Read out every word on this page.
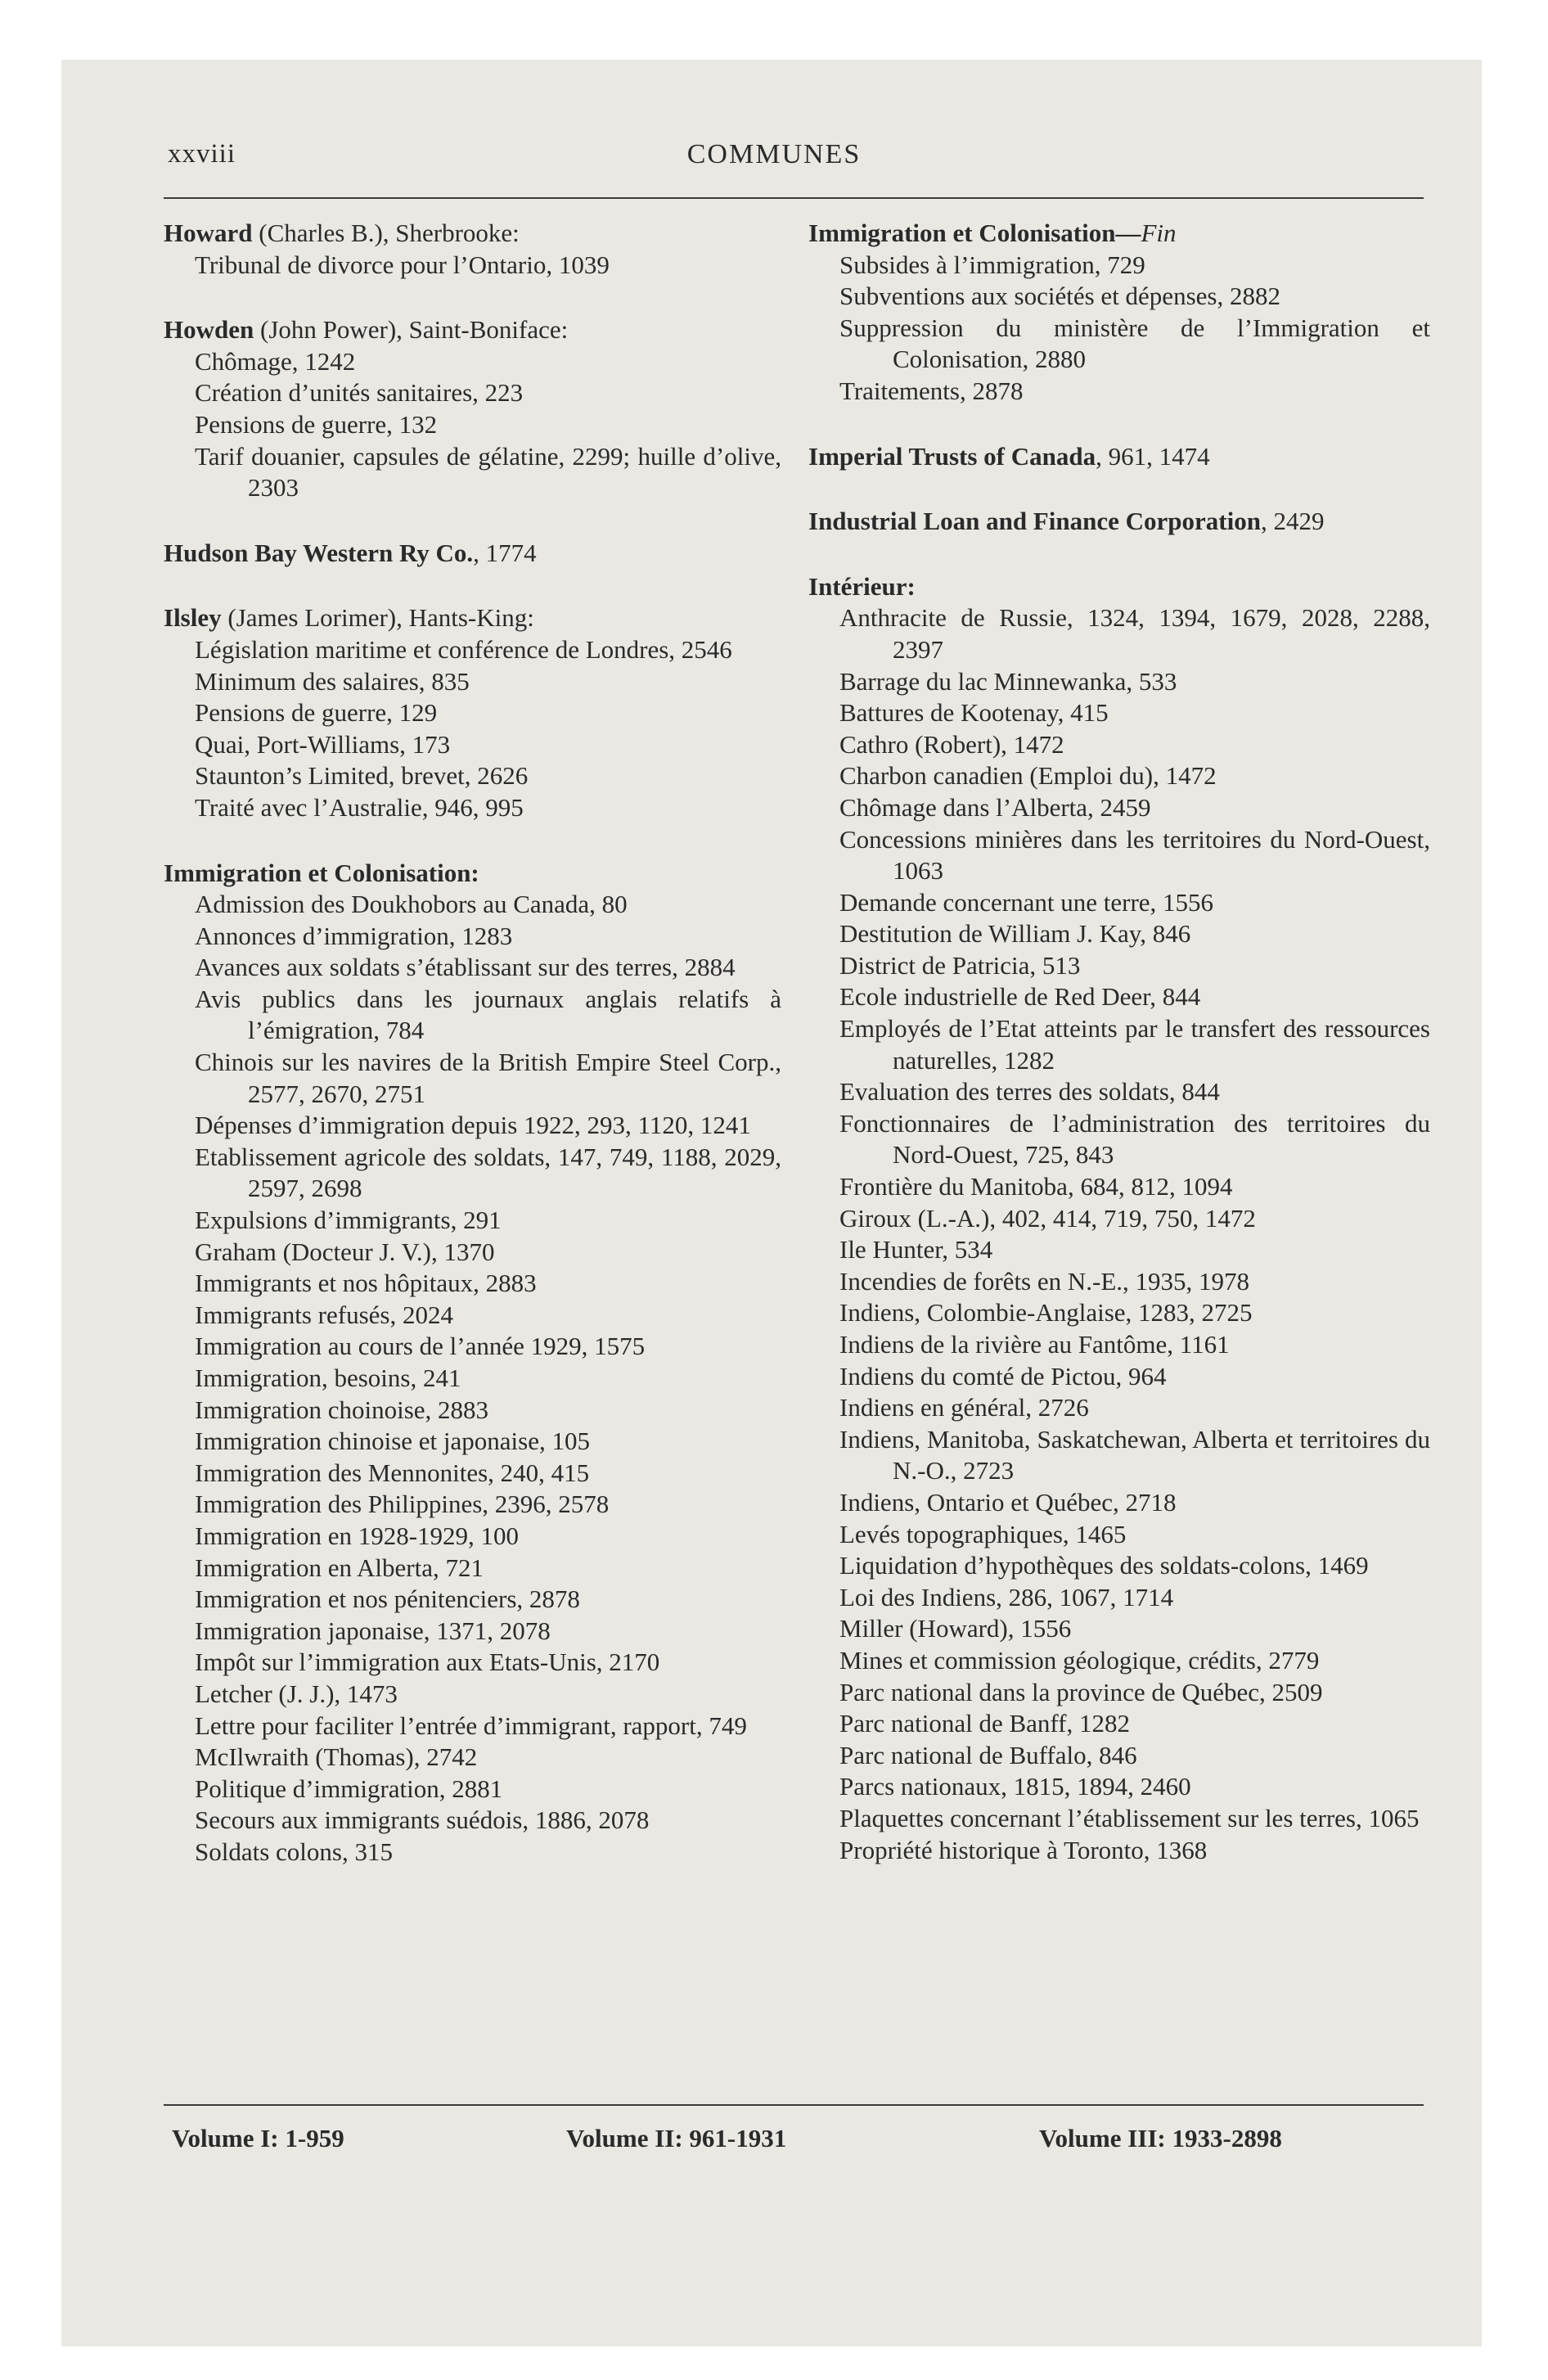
xxviii	COMMUNES
Howard (Charles B.), Sherbrooke:
Tribunal de divorce pour l’Ontario, 1039
Howden (John Power), Saint-Boniface:
Chômage, 1242
Création d’unités sanitaires, 223
Pensions de guerre, 132
Tarif douanier, capsules de gélatine, 2299; huille d’olive, 2303
Hudson Bay Western Ry Co., 1774
Ilsley (James Lorimer), Hants-King:
Législation maritime et conférence de Londres, 2546
Minimum des salaires, 835
Pensions de guerre, 129
Quai, Port-Williams, 173
Staunton’s Limited, brevet, 2626
Traité avec l’Australie, 946, 995
Immigration et Colonisation:
Admission des Doukhobors au Canada, 80
Annonces d’immigration, 1283
Avances aux soldats s’établissant sur des terres, 2884
Avis publics dans les journaux anglais relatifs à l’émigration, 784
Chinois sur les navires de la British Empire Steel Corp., 2577, 2670, 2751
Dépenses d’immigration depuis 1922, 293, 1120, 1241
Etablissement agricole des soldats, 147, 749, 1188, 2029, 2597, 2698
Expulsions d’immigrants, 291
Graham (Docteur J. V.), 1370
Immigrants et nos hôpitaux, 2883
Immigrants refusés, 2024
Immigration au cours de l’année 1929, 1575
Immigration, besoins, 241
Immigration choinoise, 2883
Immigration chinoise et japonaise, 105
Immigration des Mennonites, 240, 415
Immigration des Philippines, 2396, 2578
Immigration en 1928-1929, 100
Immigration en Alberta, 721
Immigration et nos pénitenciers, 2878
Immigration japonaise, 1371, 2078
Impôt sur l’immigration aux Etats-Unis, 2170
Letcher (J. J.), 1473
Lettre pour faciliter l’entrée d’immigrant, rapport, 749
McIlwraith (Thomas), 2742
Politique d’immigration, 2881
Secours aux immigrants suédois, 1886, 2078
Soldats colons, 315
Immigration et Colonisation—Fin
Subsides à l’immigration, 729
Subventions aux sociétés et dépenses, 2882
Suppression du ministère de l’Immigration et Colonisation, 2880
Traitements, 2878
Imperial Trusts of Canada, 961, 1474
Industrial Loan and Finance Corporation, 2429
Intérieur:
Anthracite de Russie, 1324, 1394, 1679, 2028, 2288, 2397
Barrage du lac Minnewanka, 533
Battures de Kootenay, 415
Cathro (Robert), 1472
Charbon canadien (Emploi du), 1472
Chômage dans l’Alberta, 2459
Concessions minières dans les territoires du Nord-Ouest, 1063
Demande concernant une terre, 1556
Destitution de William J. Kay, 846
District de Patricia, 513
Ecole industrielle de Red Deer, 844
Employés de l’Etat atteints par le transfert des ressources naturelles, 1282
Evaluation des terres des soldats, 844
Fonctionnaires de l’administration des territoires du Nord-Ouest, 725, 843
Frontière du Manitoba, 684, 812, 1094
Giroux (L.-A.), 402, 414, 719, 750, 1472
Ile Hunter, 534
Incendies de forêts en N.-E., 1935, 1978
Indiens, Colombie-Anglaise, 1283, 2725
Indiens de la rivière au Fantôme, 1161
Indiens du comté de Pictou, 964
Indiens en général, 2726
Indiens, Manitoba, Saskatchewan, Alberta et territoires du N.-O., 2723
Indiens, Ontario et Québec, 2718
Levés topographiques, 1465
Liquidation d’hypothèques des soldats-colons, 1469
Loi des Indiens, 286, 1067, 1714
Miller (Howard), 1556
Mines et commission géologique, crédits, 2779
Parc national dans la province de Québec, 2509
Parc national de Banff, 1282
Parc national de Buffalo, 846
Parcs nationaux, 1815, 1894, 2460
Plaquettes concernant l’établissement sur les terres, 1065
Propriété historique à Toronto, 1368
Volume I: 1-959	Volume II: 961-1931	Volume III: 1933-2898
